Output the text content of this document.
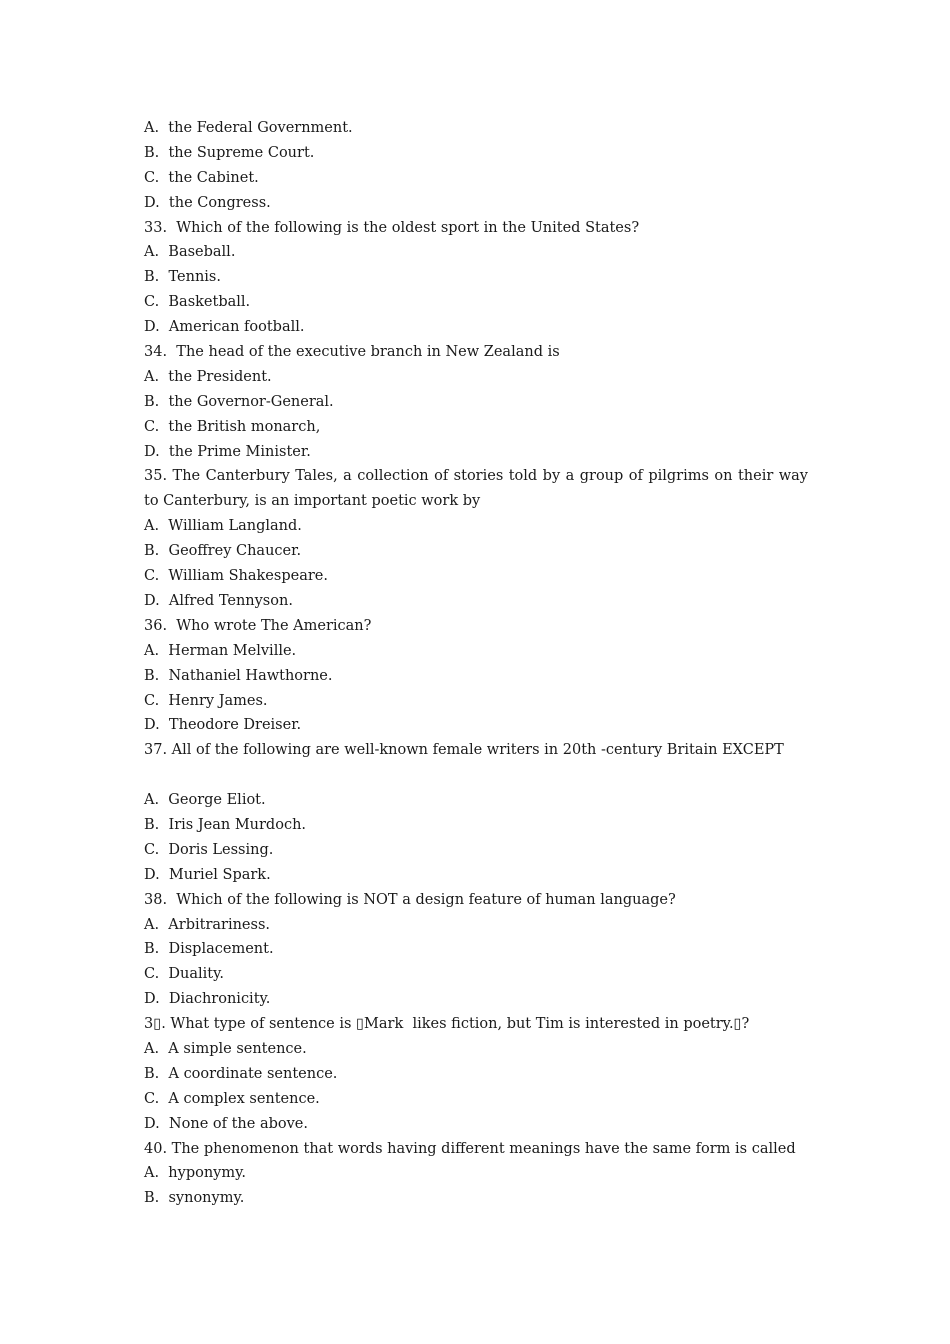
A.  the Federal Government.
B.  the Supreme Court.
C.  the Cabinet.
D.  the Congress.
33.  Which of the following is the oldest sport in the United States?
A.  Baseball.
B.  Tennis.
C.  Basketball.
D.  American football.
34.  The head of the executive branch in New Zealand is
A.  the President.
B.  the Governor-General.
C.  the British monarch,
D.  the Prime Minister.
35. The Canterbury Tales, a collection of stories told by a group of pilgrims on their way to Canterbury, is an important poetic work by
A.  William Langland.
B.  Geoffrey Chaucer.
C.  William Shakespeare.
D.  Alfred Tennyson.
36.  Who wrote The American?
A.  Herman Melville.
B.  Nathaniel Hawthorne.
C.  Henry James.
D.  Theodore Dreiser.
37. All of the following are well-known female writers in 20th -century Britain EXCEPT
A.  George Eliot.
B.  Iris Jean Murdoch.
C.  Doris Lessing.
D.  Muriel Spark.
38.  Which of the following is NOT a design feature of human language?
A.  Arbitrariness.
B.  Displacement.
C.  Duality.
D.  Diachronicity.
3▯. What type of sentence is ▯Mark  likes fiction, but Tim is interested in poetry.▯?
A.  A simple sentence.
B.  A coordinate sentence.
C.  A complex sentence.
D.  None of the above.
40. The phenomenon that words having different meanings have the same form is called
A.  hyponymy.
B.  synonymy.
